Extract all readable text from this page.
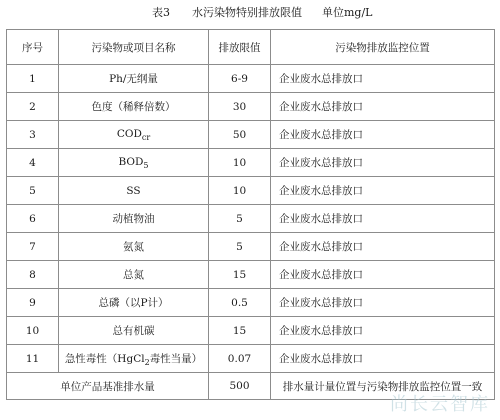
表3 水污染物特别排放限值 单位mg/L
序号	污染物或项目名称	排放限值	污染物排放监控位置
1	Ph/无纲量	6-9	企业废水总排放口
2	色度（稀释倍数）	30	企业废水总排放口
3	$COD_{cr}$	50	企业废水总排放口
4	$BOD_5$	10	企业废水总排放口
5	SS	10	企业废水总排放口
6	动植物油	5	企业废水总排放口
7	氨氮	5	企业废水总排放口
8	总氮	15	企业废水总排放口
9	总磷（以P计）	0.5	企业废水总排放口
10	总有机碳	15	企业废水总排放口
11	急性毒性（HgCl$_2$毒性当量）	0.07	企业废水总排放口
单位产品基准排水量		500	排水量计量位置与污染物排放监控位置一致
尚长云智库
